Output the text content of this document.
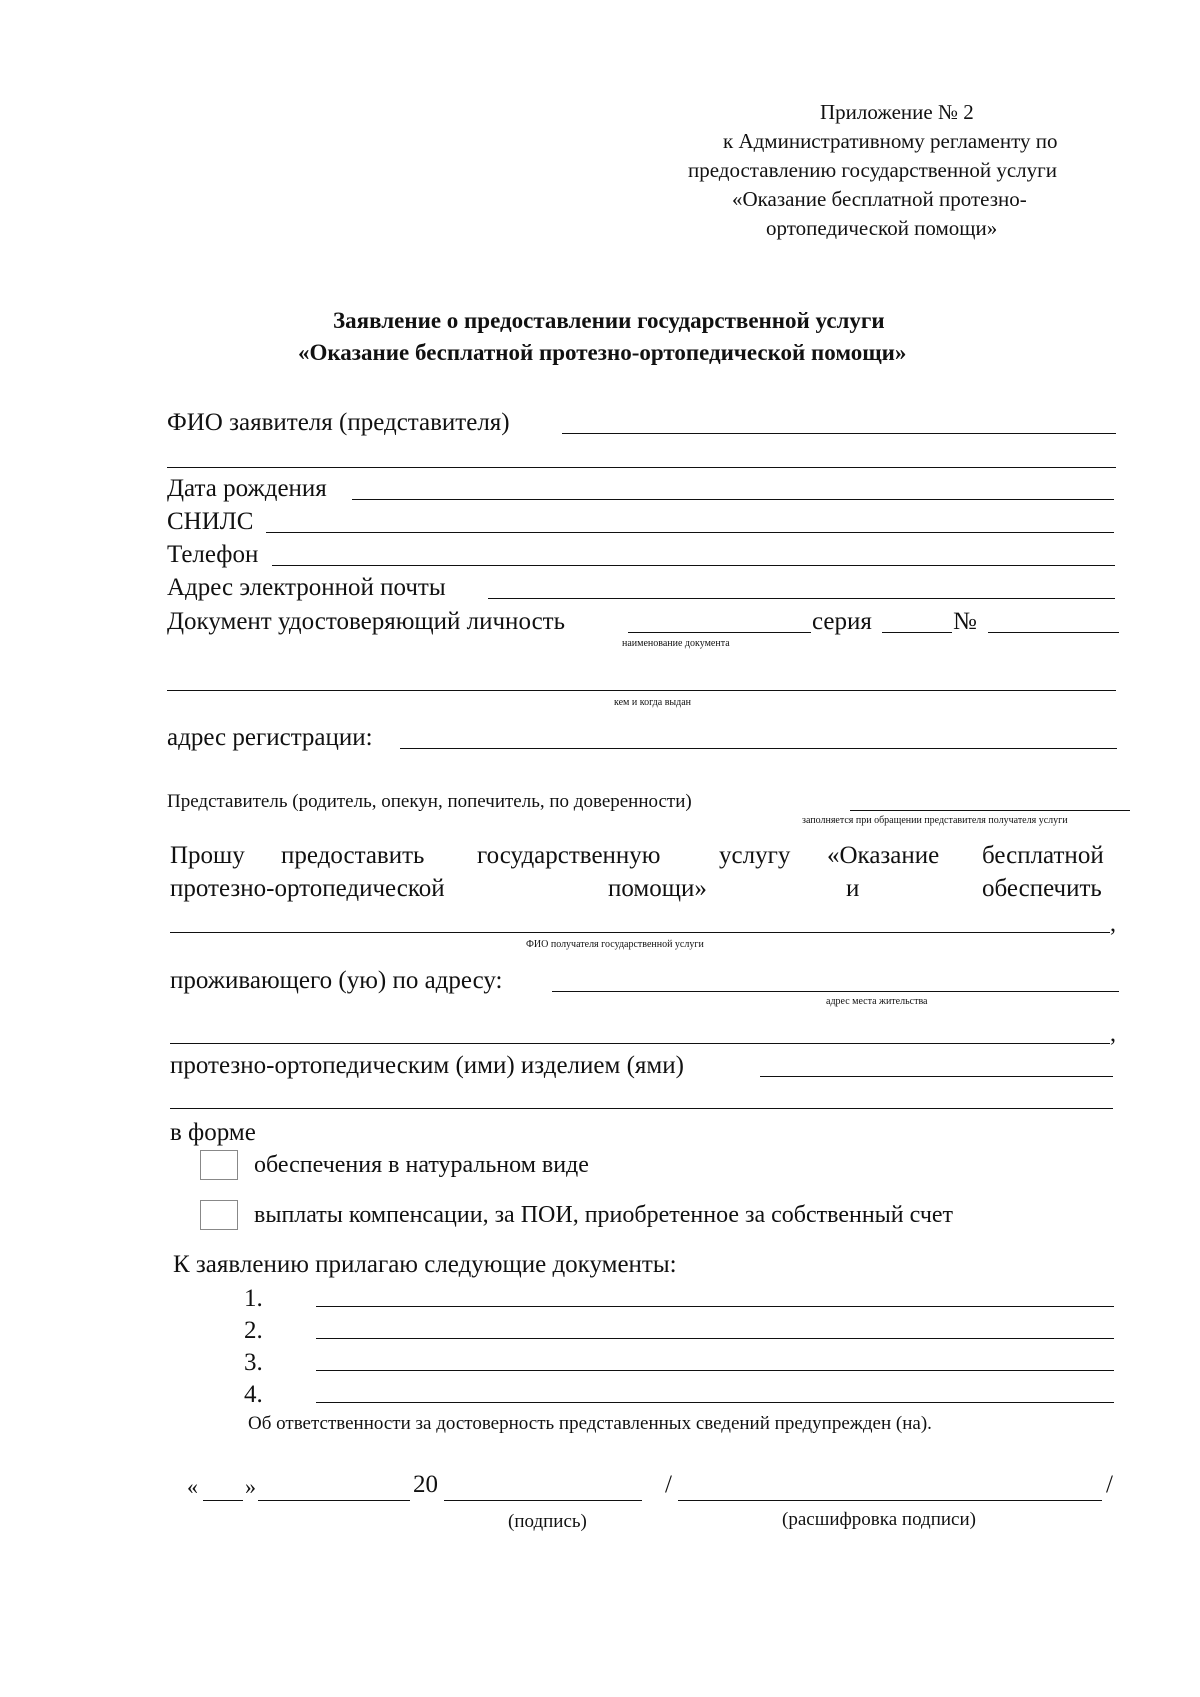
Приложение № 2
к Административному регламенту по
предоставлению государственной услуги
«Оказание бесплатной протезно-
ортопедической помощи»
Заявление о предоставлении государственной услуги
«Оказание бесплатной протезно-ортопедической помощи»
ФИО заявителя (представителя)
Дата рождения
СНИЛС
Телефон
Адрес электронной почты
Документ удостоверяющий личность	серия	№
наименование документа
кем и когда выдан
адрес регистрации:
Представитель (родитель, опекун, попечитель, по доверенности)
заполняется при обращении представителя получателя услуги
Прошу предоставить государственную услугу «Оказание бесплатной
протезно-ортопедической	помощи»	и	обеспечить
,
ФИО получателя государственной услуги
проживающего (ую) по адресу:
адрес места жительства
,
протезно-ортопедическим (ими) изделием (ями)
в форме
обеспечения в натуральном виде
выплаты компенсации, за ПОИ, приобретенное за собственный счет
К заявлению прилагаю следующие документы:
1.
2.
3.
4.
Об ответственности за достоверность представленных сведений предупрежден (на).
« »	20	/	/
(подпись)	(расшифровка подписи)
